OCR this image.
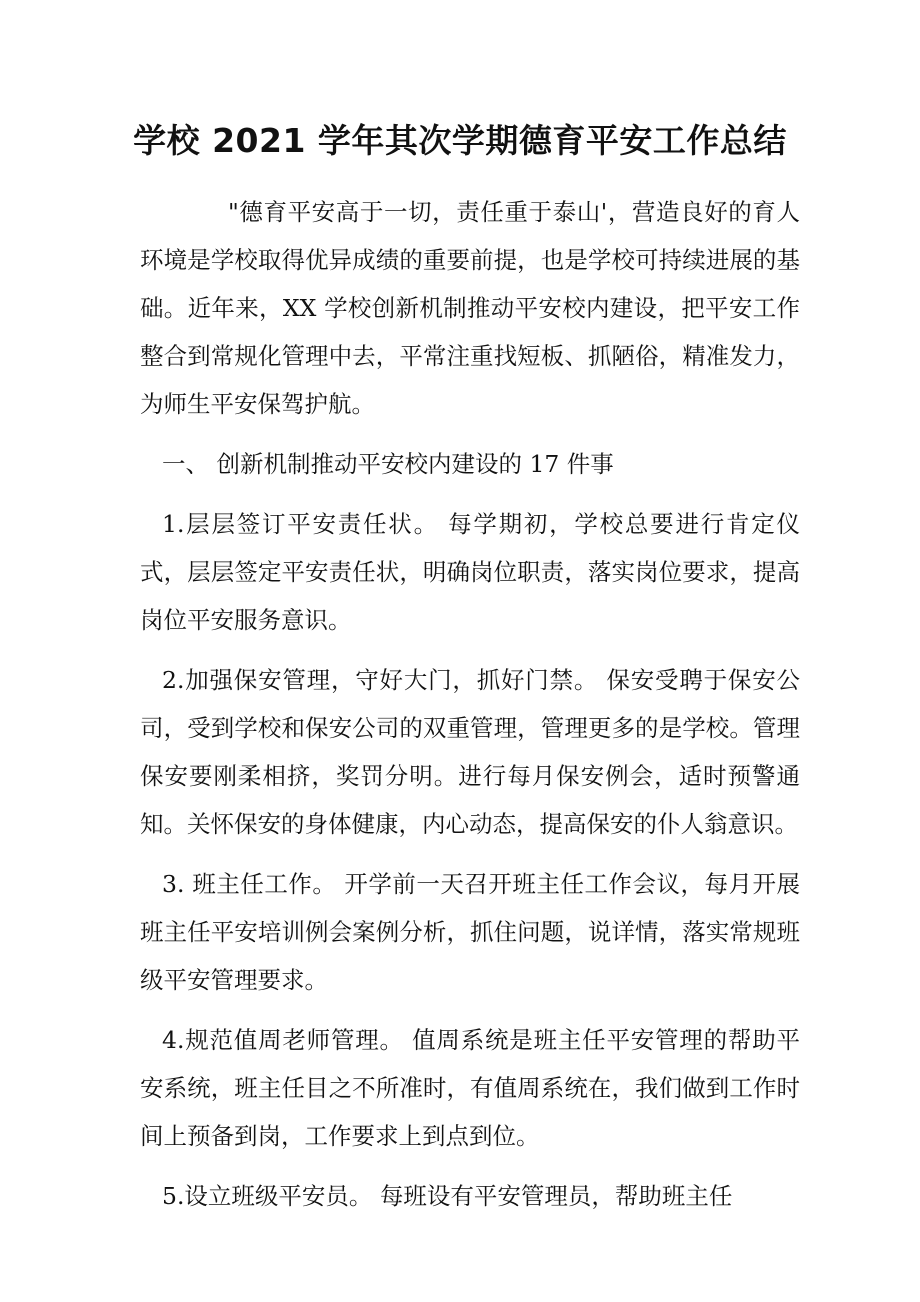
学校 2021 学年其次学期德育平安工作总结

"德育平安高于一切，责任重于泰山'，营造良好的育人环境是学校取得优异成绩的重要前提，也是学校可持续进展的基础。近年来，XX 学校创新机制推动平安校内建设，把平安工作整合到常规化管理中去，平常注重找短板、抓陋俗，精准发力，为师生平安保驾护航。

一、 创新机制推动平安校内建设的 17 件事

1.层层签订平安责任状。 每学期初，学校总要进行肯定仪式，层层签定平安责任状，明确岗位职责，落实岗位要求，提高岗位平安服务意识。

2.加强保安管理，守好大门，抓好门禁。 保安受聘于保安公司，受到学校和保安公司的双重管理，管理更多的是学校。管理保安要刚柔相挤，奖罚分明。进行每月保安例会，适时预警通知。关怀保安的身体健康，内心动态，提高保安的仆人翁意识。

3. 班主任工作。 开学前一天召开班主任工作会议，每月开展班主任平安培训例会案例分析，抓住问题，说详情，落实常规班级平安管理要求。

4.规范值周老师管理。 值周系统是班主任平安管理的帮助平安系统，班主任目之不所准时，有值周系统在，我们做到工作时间上预备到岗，工作要求上到点到位。

5.设立班级平安员。 每班设有平安管理员，帮助班主任
